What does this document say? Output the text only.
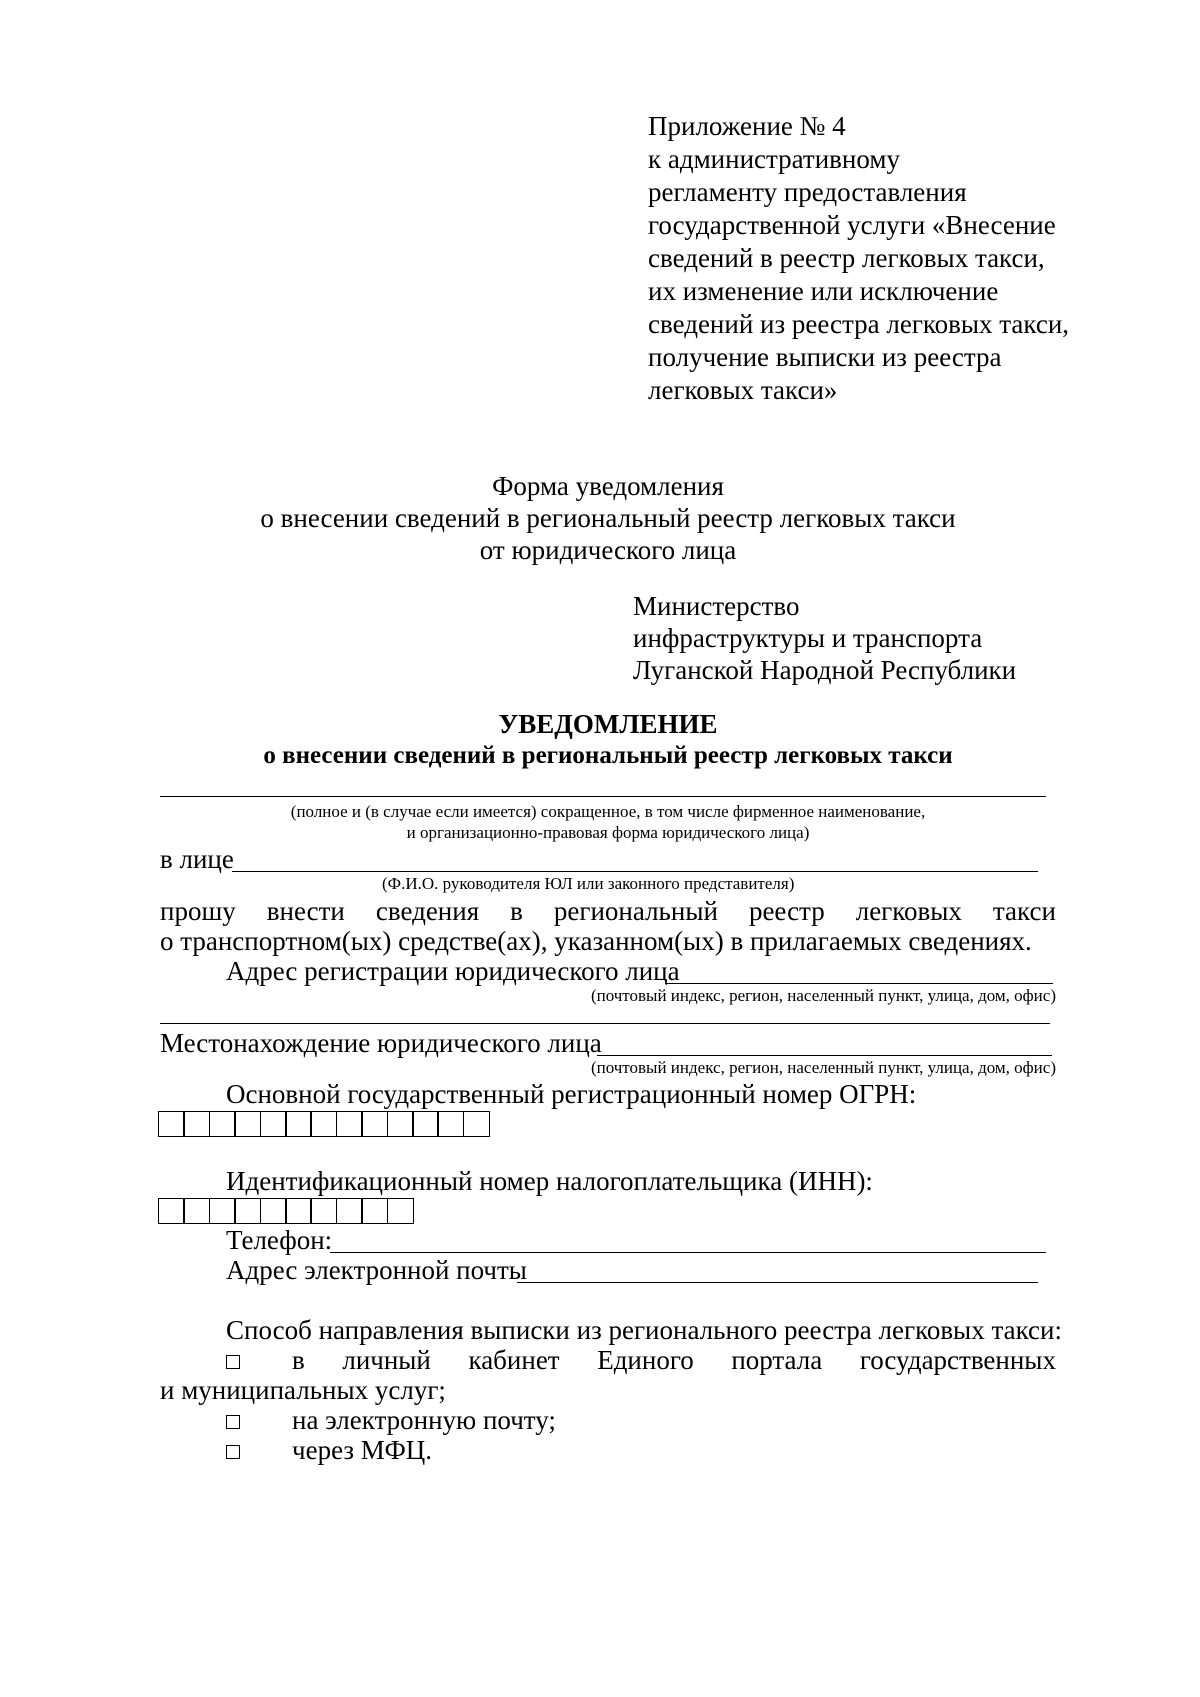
Приложение № 4
к административному
регламенту предоставления
государственной услуги «Внесение
сведений в реестр легковых такси,
их изменение или исключение
сведений из реестра легковых такси,
получение выписки из реестра
легковых такси»
Форма уведомления
о внесении сведений в региональный реестр легковых такси
от юридического лица
Министерство
инфраструктуры и транспорта
Луганской Народной Республики
УВЕДОМЛЕНИЕ
о внесении сведений в региональный реестр легковых такси
(полное и (в случае если имеется) сокращенное, в том числе фирменное наименование,
и организационно-правовая форма юридического лица)
в лице
(Ф.И.О. руководителя ЮЛ или законного представителя)
прошу внести сведения в региональный реестр легковых такси
о транспортном(ых) средстве(ах), указанном(ых) в прилагаемых сведениях.
Адрес регистрации юридического лица
(почтовый индекс, регион, населенный пункт, улица, дом, офис)
Местонахождение юридического лица
(почтовый индекс, регион, населенный пункт, улица, дом, офис)
Основной государственный регистрационный номер ОГРН:
Идентификационный номер налогоплательщика (ИНН):
Телефон:
Адрес электронной почты
Способ направления выписки из регионального реестра легковых такси:
в личный кабинет Единого портала государственных
и муниципальных услуг;
на электронную почту;
через МФЦ.
